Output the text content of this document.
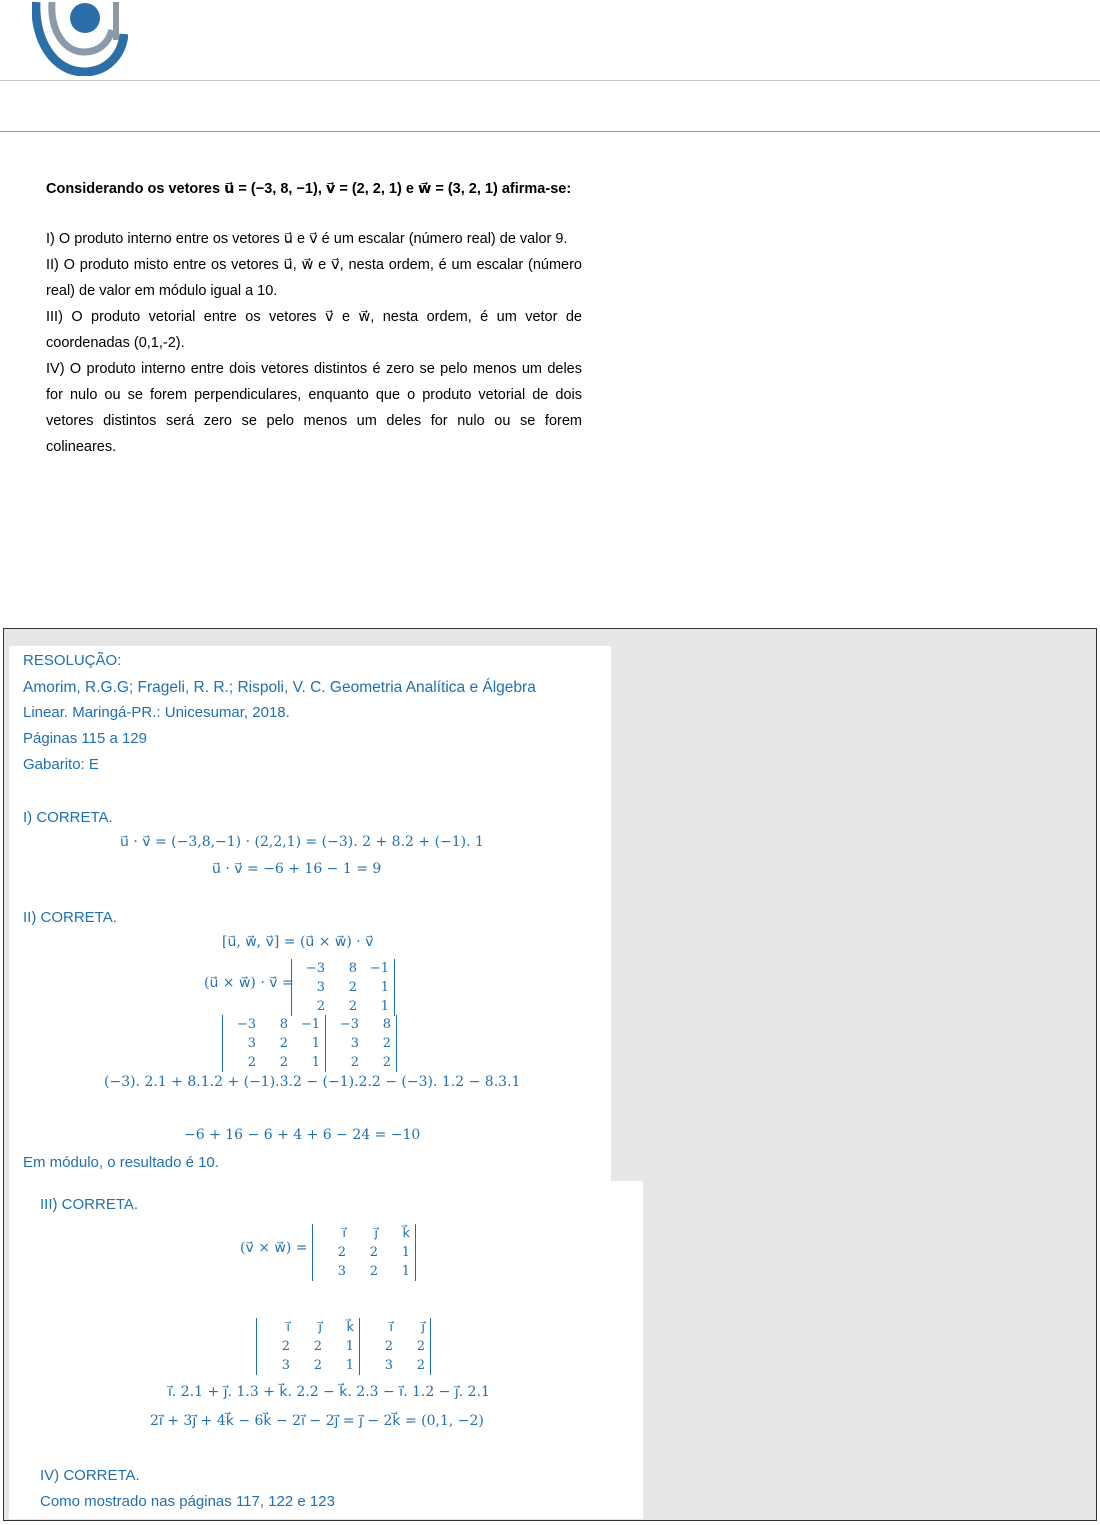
Considerando os vetores u⃗ = (−3, 8, −1), v⃗ = (2, 2, 1) e w⃗ = (3, 2, 1) afirma-se:

I) O produto interno entre os vetores u⃗ e v⃗ é um escalar (número real) de valor 9.

II) O produto misto entre os vetores u⃗, w⃗ e v⃗, nesta ordem, é um escalar (número real) de valor em módulo igual a 10.

III) O produto vetorial entre os vetores v⃗ e w⃗, nesta ordem, é um vetor de coordenadas (0,1,-2).

IV) O produto interno entre dois vetores distintos é zero se pelo menos um deles for nulo ou se forem perpendiculares, enquanto que o produto vetorial de dois vetores distintos será zero se pelo menos um deles for nulo ou se forem colineares.

RESOLUÇÃO:
Amorim, R.G.G; Frageli, R. R.; Rispoli, V. C. Geometria Analítica e Álgebra
Linear. Maringá-PR.: Unicesumar, 2018.
Páginas 115 a 129
Gabarito: E
I) CORRETA.
u⃗ · v⃗ = (−3,8,−1) · (2,2,1) = (−3). 2 + 8.2 + (−1). 1
u⃗ · v⃗ = −6 + 16 − 1 = 9
II) CORRETA.
[u⃗, w⃗, v⃗] = (u⃗ × w⃗) · v⃗
(u⃗ × w⃗) · v⃗ =
−3	8 −1
3	2	1
2	2	1
−3	8 −1
3	2	1
2	2	1
−3	8
3	2
2	2
(−3). 2.1 + 8.1.2 + (−1).3.2 − (−1).2.2 − (−3). 1.2 − 8.3.1
−6 + 16 − 6 + 4 + 6 − 24 = −10
Em módulo, o resultado é 10.
III) CORRETA.
(v⃗ × w⃗) =
i⃗	j⃗	k⃗
2	2	1
3	2	1
i⃗	j⃗	k⃗
2	2	1
3	2	1
i⃗	j⃗
2	2
3	2
i⃗. 2.1 + j⃗. 1.3 + k⃗. 2.2 − k⃗. 2.3 − i⃗. 1.2 − j⃗. 2.1
2i⃗ + 3j⃗ + 4k⃗ − 6k⃗ − 2i⃗ − 2j⃗ = j⃗ − 2k⃗ = (0,1, −2)
IV) CORRETA.
Como mostrado nas páginas 117, 122 e 123
